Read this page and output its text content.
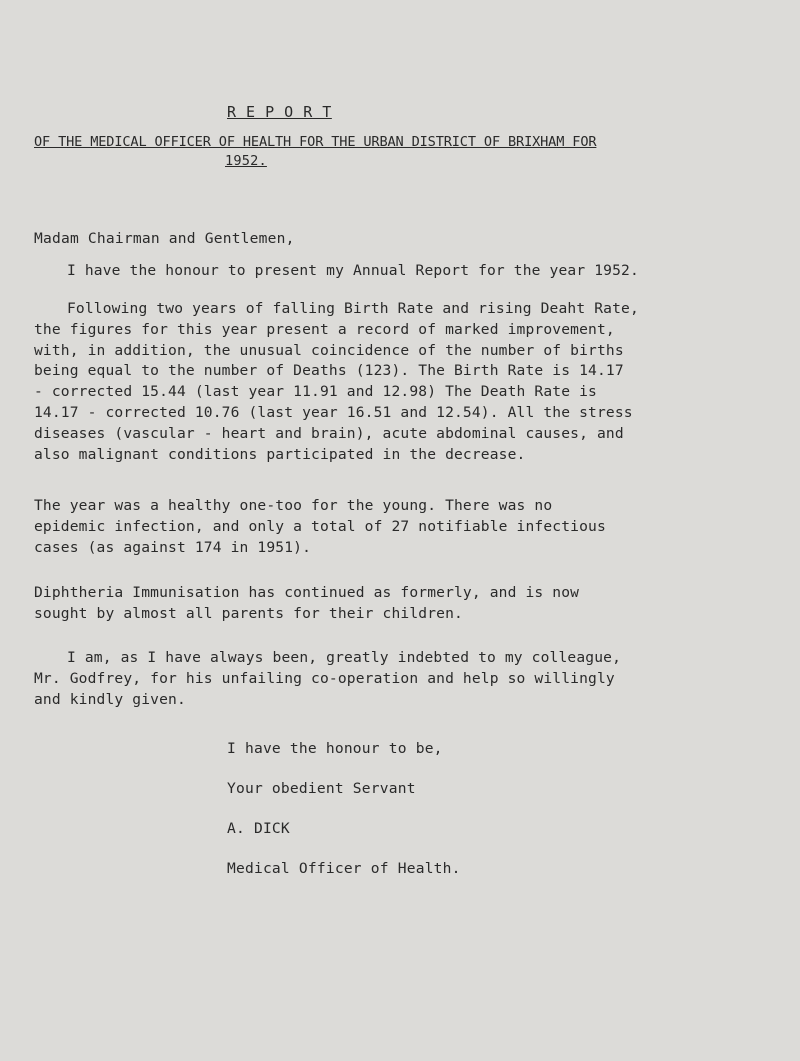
R E P O R T
OF THE MEDICAL OFFICER OF HEALTH FOR THE URBAN DISTRICT OF BRIXHAM FOR
1952.
Madam Chairman and Gentlemen,
I have the honour to present my Annual Report for the year 1952.
Following two years of falling Birth Rate and rising Deaht Rate,
the figures for this year present a record of marked improvement,
with, in addition, the unusual coincidence of the number of births
being equal to the number of Deaths (123). The Birth Rate is 14.17
- corrected 15.44 (last year 11.91 and 12.98) The Death Rate is
14.17 - corrected 10.76 (last year 16.51 and 12.54). All the stress
diseases (vascular - heart and brain), acute abdominal causes, and
also malignant conditions participated in the decrease.
The year was a healthy one-too for the young. There was no
epidemic infection, and only a total of 27 notifiable infectious
cases (as against 174 in 1951).
Diphtheria Immunisation has continued as formerly, and is now
sought by almost all parents for their children.
I am, as I have always been, greatly indebted to my colleague,
Mr. Godfrey, for his unfailing co-operation and help so willingly
and kindly given.
I have the honour to be,
Your obedient Servant
A. DICK
Medical Officer of Health.
